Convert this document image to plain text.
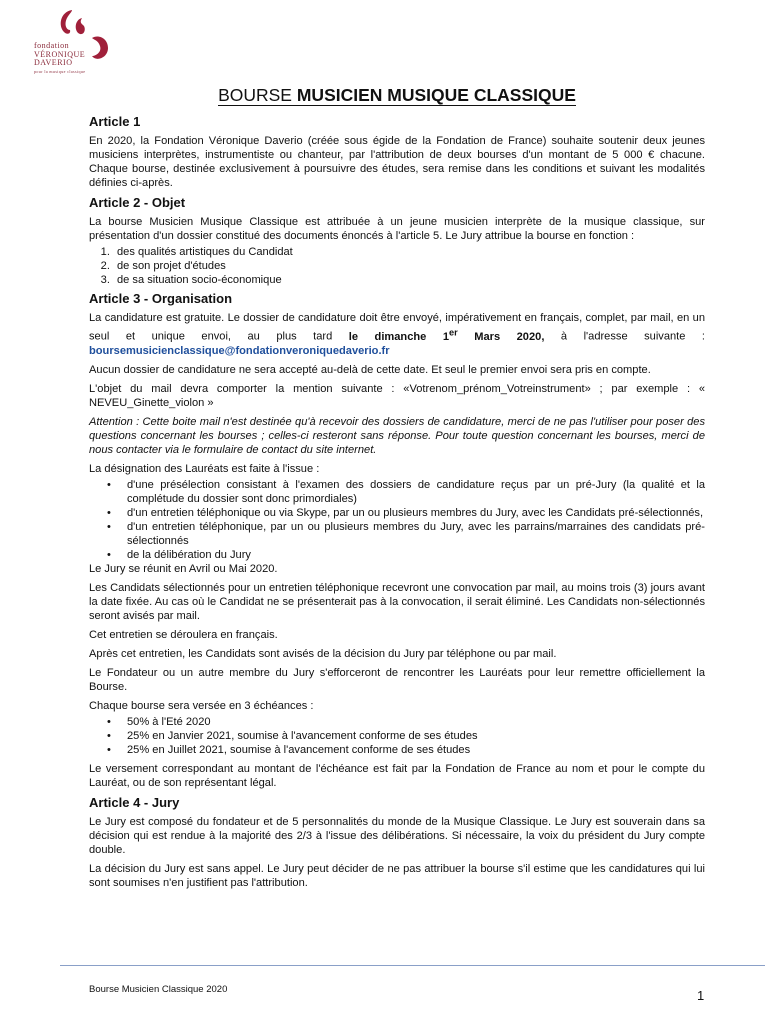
fondation
VÉRONIQUE
DAVERIO
pour la musique classique
BOURSE MUSICIEN MUSIQUE CLASSIQUE
Article 1

En 2020, la Fondation Véronique Daverio (créée sous égide de la Fondation de France) souhaite soutenir deux jeunes musiciens interprètes, instrumentiste ou chanteur, par l'attribution de deux bourses d'un montant de 5 000 € chacune. Chaque bourse, destinée exclusivement à poursuivre des études, sera remise dans les conditions et suivant les modalités définies ci-après.

Article 2 - Objet

La bourse Musicien Musique Classique est attribuée à un jeune musicien interprète de la musique classique, sur présentation d'un dossier constitué des documents énoncés à l'article 5. Le Jury attribue la bourse en fonction :

1. des qualités artistiques du Candidat
2. de son projet d'études
3. de sa situation socio-économique
Article 3 - Organisation

La candidature est gratuite. Le dossier de candidature doit être envoyé, impérativement en français, complet, par mail, en un seul et unique envoi, au plus tard le dimanche 1er Mars 2020, à l'adresse suivante : boursemusicienclassique@fondationveroniquedaverio.fr

Aucun dossier de candidature ne sera accepté au-delà de cette date. Et seul le premier envoi sera pris en compte.

L'objet du mail devra comporter la mention suivante : «Votrenom_prénom_Votreinstrument» ; par exemple : « NEVEU_Ginette_violon »

Attention : Cette boite mail n'est destinée qu'à recevoir des dossiers de candidature, merci de ne pas l'utiliser pour poser des questions concernant les bourses ; celles-ci resteront sans réponse. Pour toute question concernant les bourses, merci de nous contacter via le formulaire de contact du site internet.

La désignation des Lauréats est faite à l'issue :

• d'une présélection consistant à l'examen des dossiers de candidature reçus par un pré-Jury (la qualité et la complétude du dossier sont donc primordiales)
• d'un entretien téléphonique ou via Skype, par un ou plusieurs membres du Jury, avec les Candidats pré-sélectionnés,
• d'un entretien téléphonique, par un ou plusieurs membres du Jury, avec les parrains/marraines des candidats pré-sélectionnés
• de la délibération du Jury

Le Jury se réunit en Avril ou Mai 2020.

Les Candidats sélectionnés pour un entretien téléphonique recevront une convocation par mail, au moins trois (3) jours avant la date fixée. Au cas où le Candidat ne se présenterait pas à la convocation, il serait éliminé. Les Candidats non-sélectionnés seront avisés par mail.

Cet entretien se déroulera en français.

Après cet entretien, les Candidats sont avisés de la décision du Jury par téléphone ou par mail.

Le Fondateur ou un autre membre du Jury s'efforceront de rencontrer les Lauréats pour leur remettre officiellement la Bourse.

Chaque bourse sera versée en 3 échéances :

• 50% à l'Eté 2020
• 25% en Janvier 2021, soumise à l'avancement conforme de ses études
• 25% en Juillet 2021, soumise à l'avancement conforme de ses études

Le versement correspondant au montant de l'échéance est fait par la Fondation de France au nom et pour le compte du Lauréat, ou de son représentant légal.

Article 4 - Jury

Le Jury est composé du fondateur et de 5 personnalités du monde de la Musique Classique. Le Jury est souverain dans sa décision qui est rendue à la majorité des 2/3 à l'issue des délibérations. Si nécessaire, la voix du président du Jury compte double.

La décision du Jury est sans appel. Le Jury peut décider de ne pas attribuer la bourse s'il estime que les candidatures qui lui sont soumises n'en justifient pas l'attribution.

Bourse Musicien Classique 2020	1
